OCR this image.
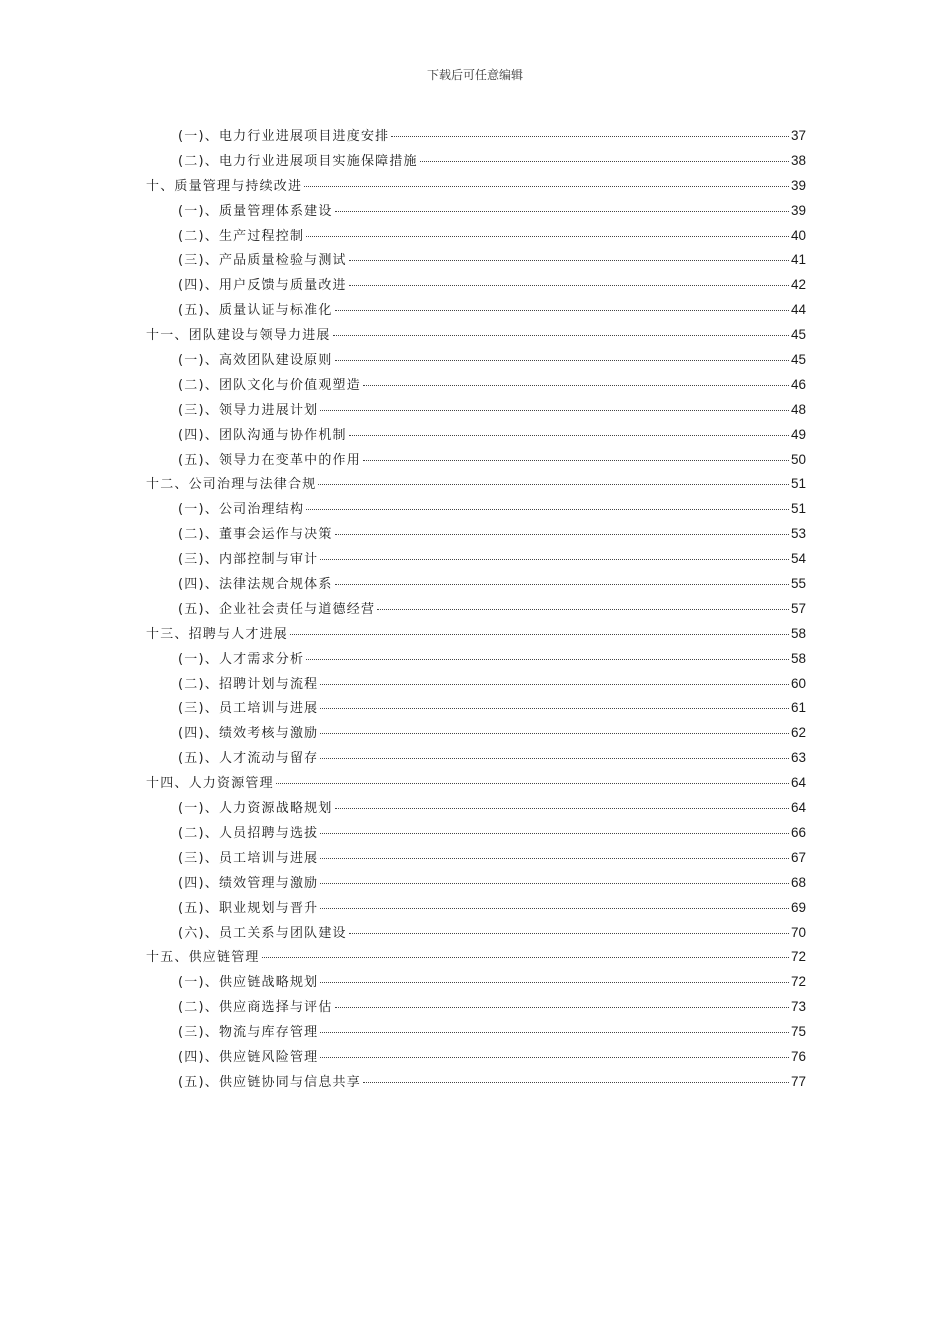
下载后可任意编辑
(一)、电力行业进展项目进度安排	37
(二)、电力行业进展项目实施保障措施	38
十、质量管理与持续改进	39
(一)、质量管理体系建设	39
(二)、生产过程控制	40
(三)、产品质量检验与测试	41
(四)、用户反馈与质量改进	42
(五)、质量认证与标准化	44
十一、团队建设与领导力进展	45
(一)、高效团队建设原则	45
(二)、团队文化与价值观塑造	46
(三)、领导力进展计划	48
(四)、团队沟通与协作机制	49
(五)、领导力在变革中的作用	50
十二、公司治理与法律合规	51
(一)、公司治理结构	51
(二)、董事会运作与决策	53
(三)、内部控制与审计	54
(四)、法律法规合规体系	55
(五)、企业社会责任与道德经营	57
十三、招聘与人才进展	58
(一)、人才需求分析	58
(二)、招聘计划与流程	60
(三)、员工培训与进展	61
(四)、绩效考核与激励	62
(五)、人才流动与留存	63
十四、人力资源管理	64
(一)、人力资源战略规划	64
(二)、人员招聘与选拔	66
(三)、员工培训与进展	67
(四)、绩效管理与激励	68
(五)、职业规划与晋升	69
(六)、员工关系与团队建设	70
十五、供应链管理	72
(一)、供应链战略规划	72
(二)、供应商选择与评估	73
(三)、物流与库存管理	75
(四)、供应链风险管理	76
(五)、供应链协同与信息共享	77
